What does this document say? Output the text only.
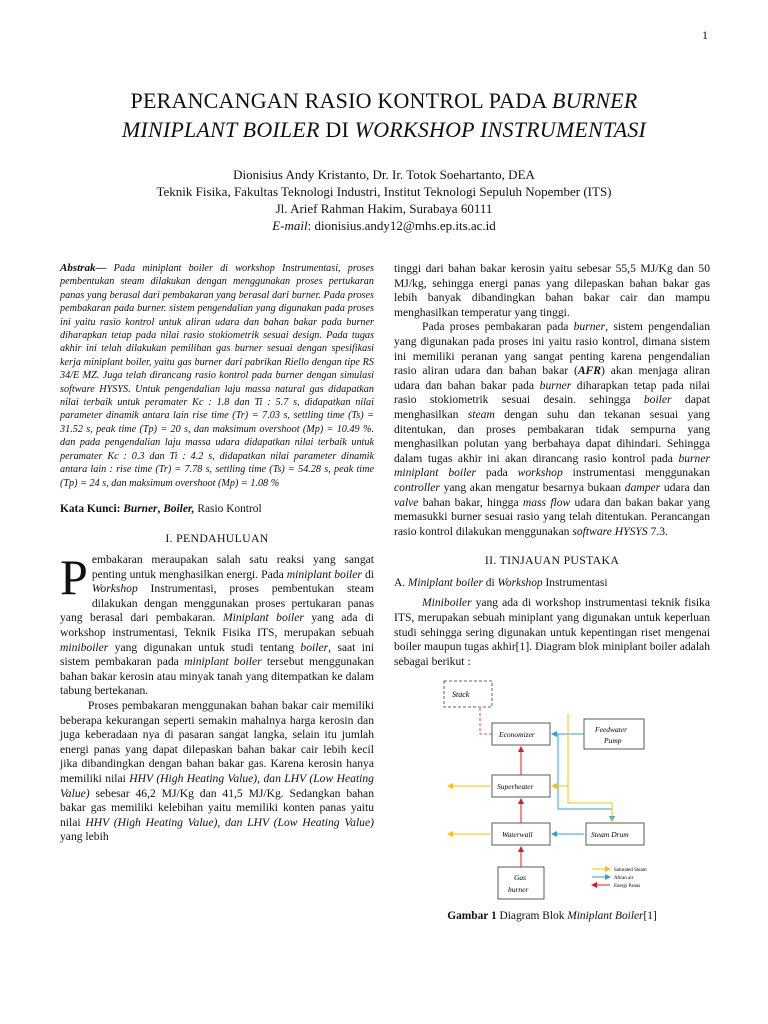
1
PERANCANGAN RASIO KONTROL PADA BURNER
MINIPLANT BOILER DI WORKSHOP INSTRUMENTASI
Dionisius Andy Kristanto, Dr. Ir. Totok Soehartanto, DEA
Teknik Fisika, Fakultas Teknologi Industri, Institut Teknologi Sepuluh Nopember (ITS)
Jl. Arief Rahman Hakim, Surabaya 60111
E-mail: dionisius.andy12@mhs.ep.its.ac.id

Abstrak— Pada miniplant boiler di workshop Instrumentasi, proses pembentukan steam dilakukan dengan menggunakan proses pertukaran panas yang berasal dari pembakaran yang berasal dari burner. Pada proses pembakaran pada burner. sistem pengendalian yang digunakan pada proses ini yaitu rasio kontrol untuk aliran udara dan bahan bakar pada burner diharapkan tetap pada nilai rasio stokiometrik sesuai design. Pada tugas akhir ini telah dilakukan pemilihan gas burner sesuai dengan spesifikasi kerja miniplant boiler, yaitu gas burner dari pabrikan Riello dengan tipe RS 34/E MZ. Juga telah dirancang rasio kontrol pada burner dengan simulasi software HYSYS. Untuk pengendalian laju massa natural gas didapatkan nilai terbaik untuk peramater Kc : 1.8 dan Ti : 5.7 s, didapatkan nilai parameter dinamik antara lain rise time (Tr) = 7.03 s, settling time (Ts) = 31.52 s, peak time (Tp) = 20 s, dan maksimum overshoot (Mp) = 10.49 %. dan pada pengendalian laju massa udara didapatkan nilai terbaik untuk peramater Kc : 0.3 dan Ti : 4.2 s, didapatkan nilai parameter dinamik antara lain : rise time (Tr) = 7.78 s, settling time (Ts) = 54.28 s, peak time (Tp) = 24 s, dan maksimum overshoot (Mp) = 1.08 %

Kata Kunci: Burner, Boiler, Rasio Kontrol

I. PENDAHULUAN

Pembakaran meraupakan salah satu reaksi yang sangat penting untuk menghasilkan energi. Pada miniplant boiler di Workshop Instrumentasi, proses pembentukan steam dilakukan dengan menggunakan proses pertukaran panas yang berasal dari pembakaran. Miniplant boiler yang ada di workshop instrumentasi, Teknik Fisika ITS, merupakan sebuah miniboiler yang digunakan untuk studi tentang boiler, saat ini sistem pembakaran pada miniplant boiler tersebut menggunakan bahan bakar kerosin atau minyak tanah yang ditempatkan ke dalam tabung bertekanan.

Proses pembakaran menggunakan bahan bakar cair memiliki beberapa kekurangan seperti semakin mahalnya harga kerosin dan juga keberadaan nya di pasaran sangat langka, selain itu jumlah energi panas yang dapat dilepaskan bahan bakar cair lebih kecil jika dibandingkan dengan bahan bakar gas. Karena kerosin hanya memiliki nilai HHV (High Heating Value), dan LHV (Low Heating Value) sebesar 46,2 MJ/Kg dan 41,5 MJ/Kg. Sedangkan bahan bakar gas memiliki kelebihan yaitu memiliki konten panas yaitu nilai HHV (High Heating Value), dan LHV (Low Heating Value) yang lebih

tinggi dari bahan bakar kerosin yaitu sebesar 55,5 MJ/Kg dan 50 MJ/kg, sehingga energi panas yang dilepaskan bahan bakar gas lebih banyak dibandingkan bahan bakar cair dan mampu menghasilkan temperatur yang tinggi.

Pada proses pembakaran pada burner, sistem pengendalian yang digunakan pada proses ini yaitu rasio kontrol, dimana sistem ini memiliki peranan yang sangat penting karena pengendalian rasio aliran udara dan bahan bakar (AFR) akan menjaga aliran udara dan bahan bakar pada burner diharapkan tetap pada nilai rasio stokiometrik sesuai desain. sehingga boiler dapat menghasilkan steam dengan suhu dan tekanan sesuai yang ditentukan, dan proses pembakaran tidak sempurna yang menghasilkan polutan yang berbahaya dapat dihindari. Sehingga dalam tugas akhir ini akan dirancang rasio kontrol pada burner miniplant boiler pada workshop instrumentasi menggunakan controller yang akan mengatur besarnya bukaan damper udara dan valve bahan bakar, hingga mass flow udara dan bakan bakar yang memasukki burner sesuai rasio yang telah ditentukan. Perancangan rasio kontrol dilakukan menggunakan software HYSYS 7.3.

II. TINJAUAN PUSTAKA

A. Miniplant boiler di Workshop Instrumentasi

Miniboiler yang ada di workshop instrumentasi teknik fisika ITS, merupakan sebuah miniplant yang digunakan untuk keperluan studi sehingga sering digunakan untuk kepentingan riset mengenai boiler maupun tugas akhir[1]. Diagram blok miniplant boiler adalah sebagai berikut :

Stack
Economizer
Feedwater
Pump
Superheater
Waterwall	Steam Drum
Gas
burner
Saturated Steam
Aliran air
Energi Panas

Gambar 1 Diagram Blok Miniplant Boiler[1]
